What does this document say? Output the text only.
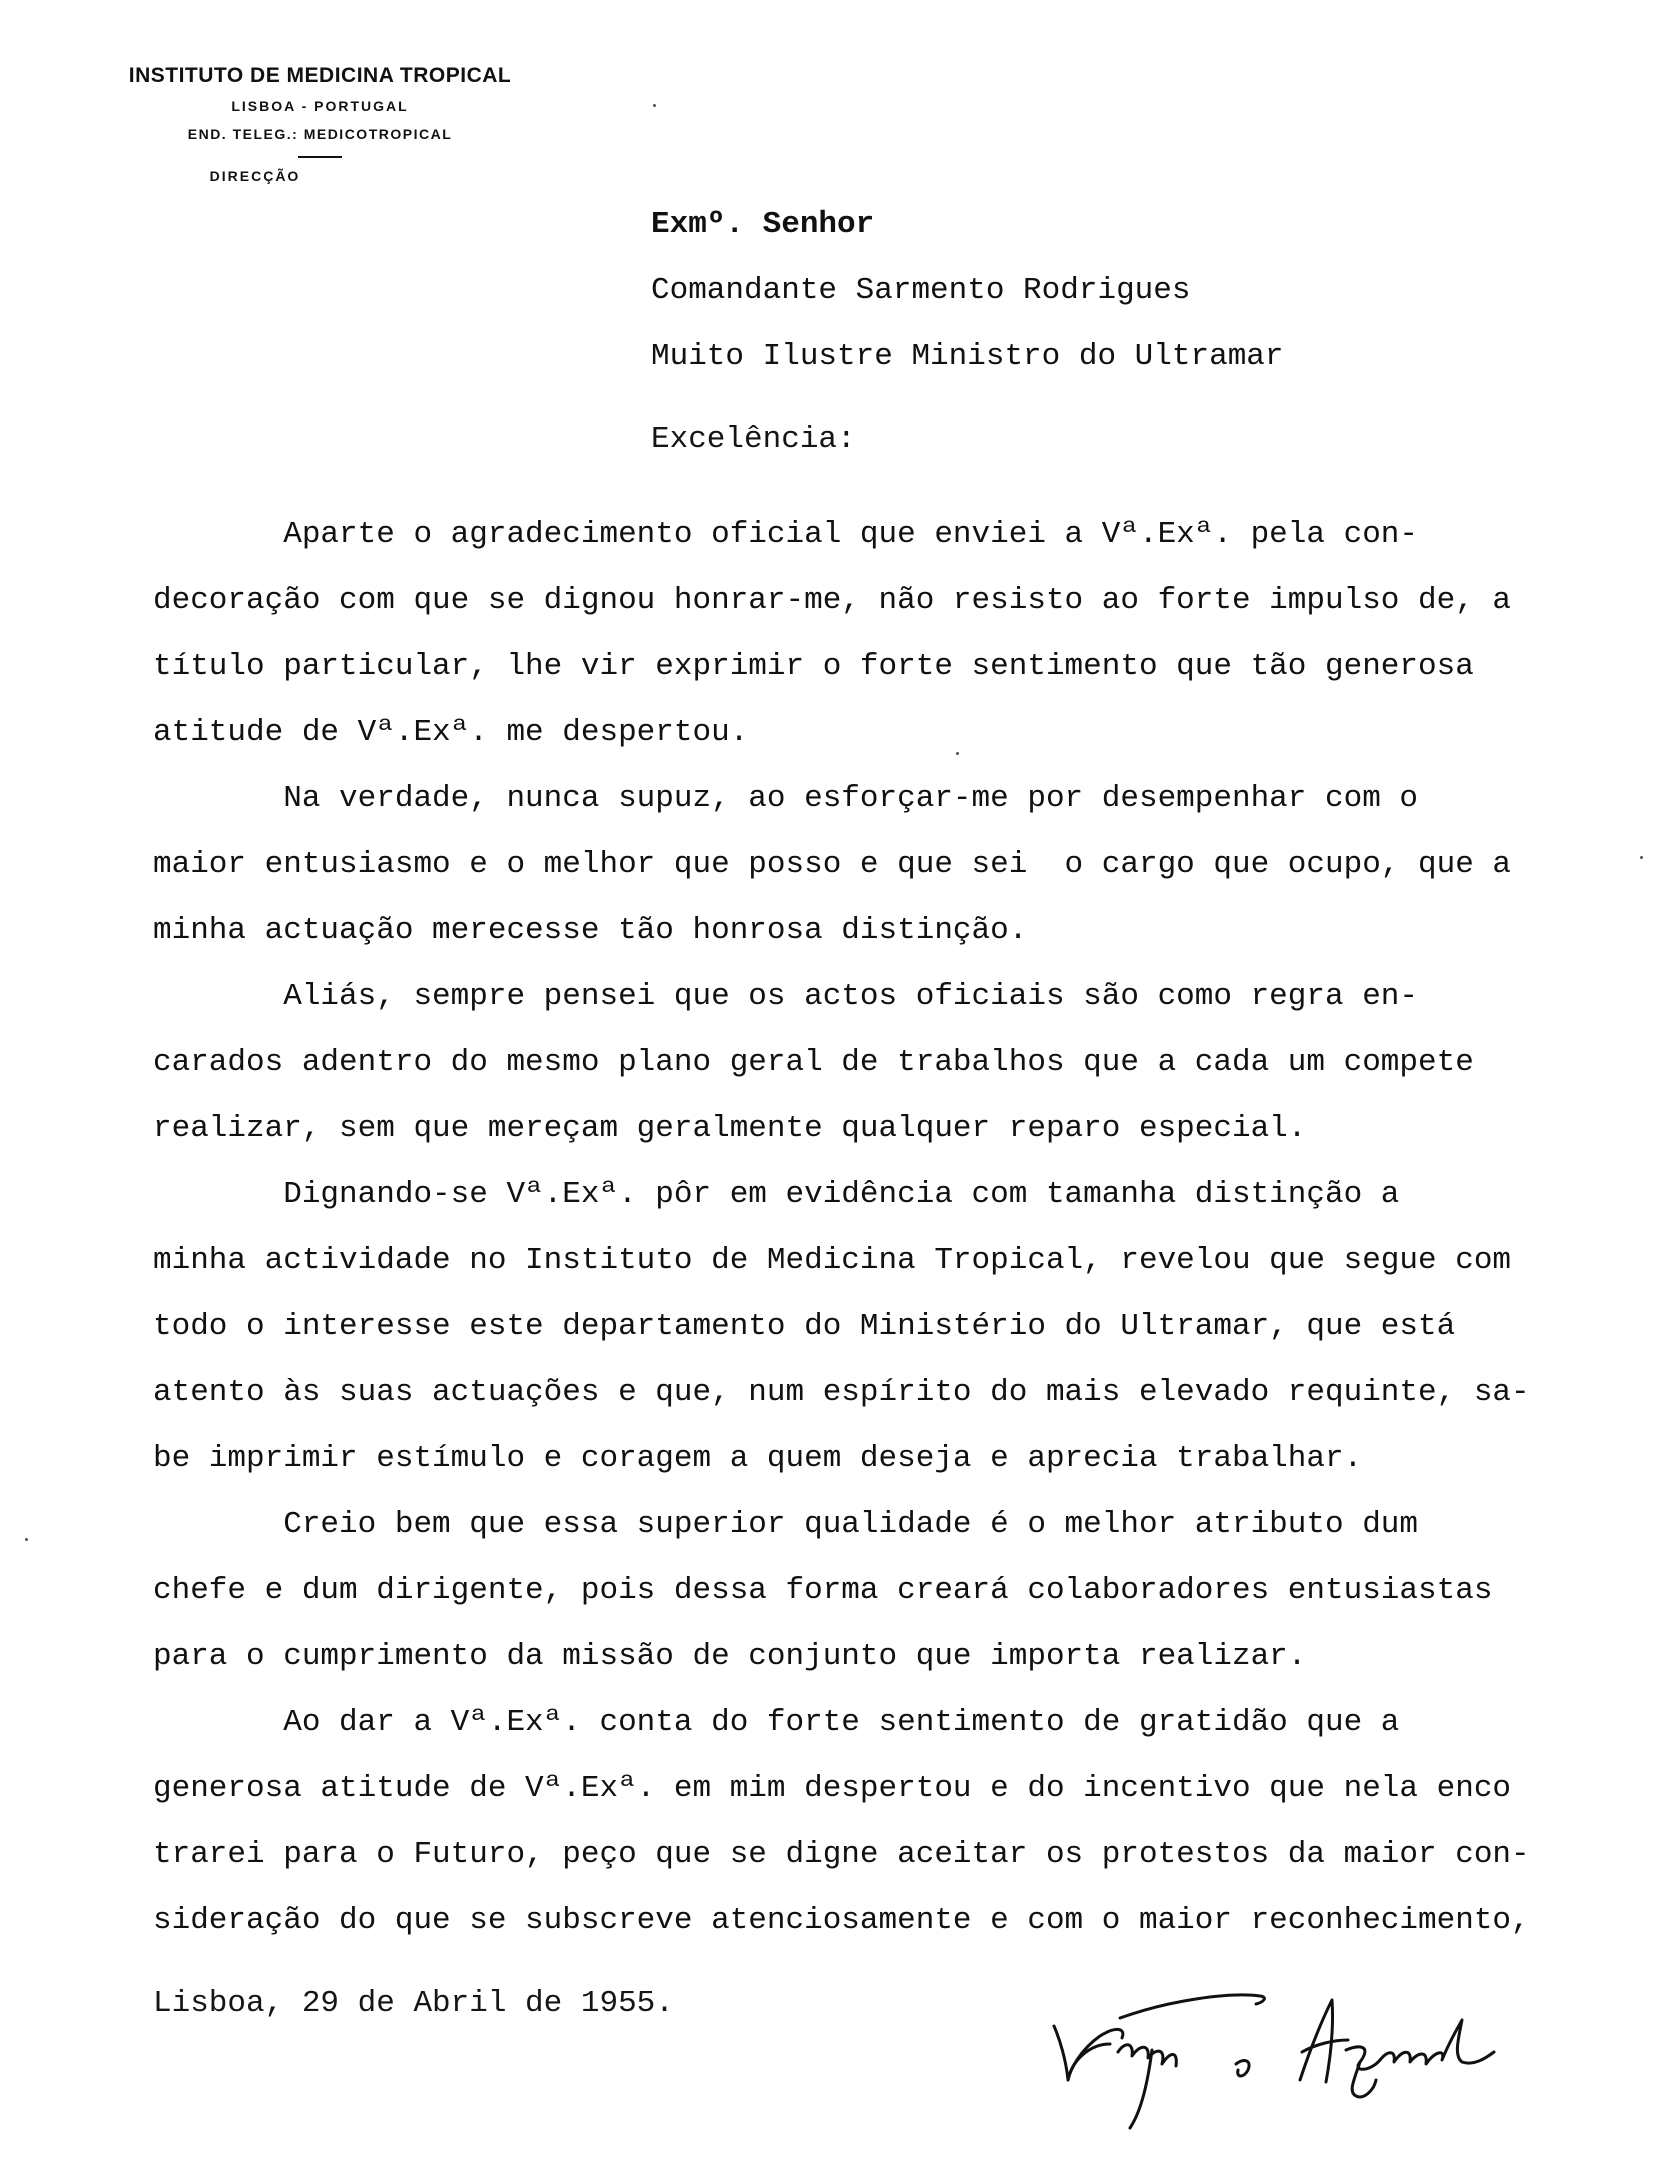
INSTITUTO DE MEDICINA TROPICAL
LISBOA - PORTUGAL
END. TELEG.: MEDICOTROPICAL
DIRECÇÃO
Exmº. Senhor
Comandante Sarmento Rodrigues
Muito Ilustre Ministro do Ultramar
Excelência:
Aparte o agradecimento oficial que enviei a Vª.Exª. pela con-
decoração com que se dignou honrar-me, não resisto ao forte impulso de, a
título particular, lhe vir exprimir o forte sentimento que tão generosa
atitude de Vª.Exª. me despertou.
Na verdade, nunca supuz, ao esforçar-me por desempenhar com o
maior entusiasmo e o melhor que posso e que sei  o cargo que ocupo, que a
minha actuação merecesse tão honrosa distinção.
Aliás, sempre pensei que os actos oficiais são como regra en-
carados adentro do mesmo plano geral de trabalhos que a cada um compete
realizar, sem que mereçam geralmente qualquer reparo especial.
Dignando-se Vª.Exª. pôr em evidência com tamanha distinção a
minha actividade no Instituto de Medicina Tropical, revelou que segue com
todo o interesse este departamento do Ministério do Ultramar, que está
atento às suas actuações e que, num espírito do mais elevado requinte, sa-
be imprimir estímulo e coragem a quem deseja e aprecia trabalhar.
Creio bem que essa superior qualidade é o melhor atributo dum
chefe e dum dirigente, pois dessa forma creará colaboradores entusiastas
para o cumprimento da missão de conjunto que importa realizar.
Ao dar a Vª.Exª. conta do forte sentimento de gratidão que a
generosa atitude de Vª.Exª. em mim despertou e do incentivo que nela enco
trarei para o Futuro, peço que se digne aceitar os protestos da maior con-
sideração do que se subscreve atenciosamente e com o maior reconhecimento,
Lisboa, 29 de Abril de 1955.
